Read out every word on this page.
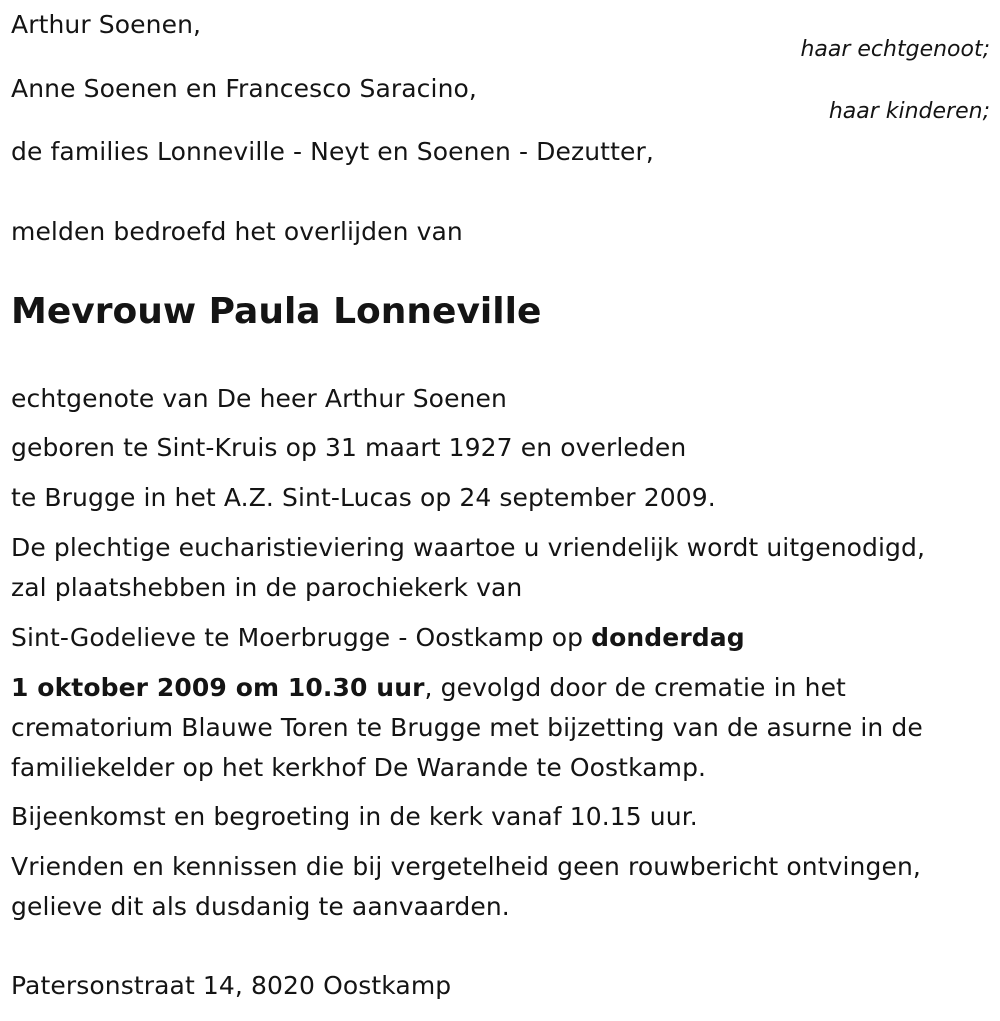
Arthur Soenen,
haar echtgenoot;
Anne Soenen en Francesco Saracino,
haar kinderen;
de families Lonneville - Neyt en Soenen - Dezutter,
melden bedroefd het overlijden van
Mevrouw Paula Lonneville
echtgenote van De heer Arthur Soenen
geboren te Sint-Kruis op 31 maart 1927 en overleden
te Brugge in het A.Z. Sint-Lucas op 24 september 2009.
De plechtige eucharistieviering waartoe u vriendelijk wordt uitgenodigd,
zal plaatshebben in de parochiekerk van
Sint-Godelieve te Moerbrugge - Oostkamp op donderdag
1 oktober 2009 om 10.30 uur, gevolgd door de crematie in het
crematorium Blauwe Toren te Brugge met bijzetting van de asurne in de
familiekelder op het kerkhof De Warande te Oostkamp.
Bijeenkomst en begroeting in de kerk vanaf 10.15 uur.
Vrienden en kennissen die bij vergetelheid geen rouwbericht ontvingen,
gelieve dit als dusdanig te aanvaarden.
Patersonstraat 14, 8020 Oostkamp
